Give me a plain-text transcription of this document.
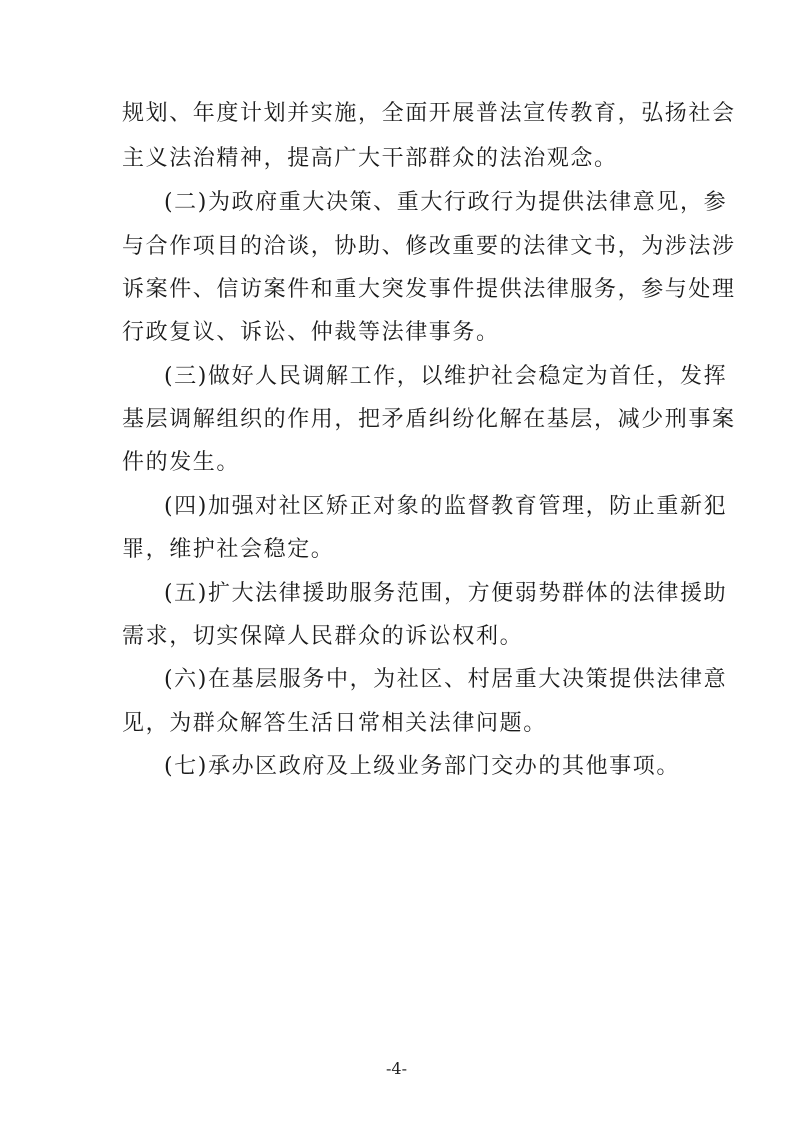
规划、年度计划并实施，全面开展普法宣传教育，弘扬社会
主义法治精神，提高广大干部群众的法治观念。
(二)为政府重大决策、重大行政行为提供法律意见，参
与合作项目的洽谈，协助、修改重要的法律文书，为涉法涉
诉案件、信访案件和重大突发事件提供法律服务，参与处理
行政复议、诉讼、仲裁等法律事务。
(三)做好人民调解工作，以维护社会稳定为首任，发挥
基层调解组织的作用，把矛盾纠纷化解在基层，减少刑事案
件的发生。
(四)加强对社区矫正对象的监督教育管理，防止重新犯
罪，维护社会稳定。
(五)扩大法律援助服务范围，方便弱势群体的法律援助
需求，切实保障人民群众的诉讼权利。
(六)在基层服务中，为社区、村居重大决策提供法律意
见，为群众解答生活日常相关法律问题。
(七)承办区政府及上级业务部门交办的其他事项。
-4-
